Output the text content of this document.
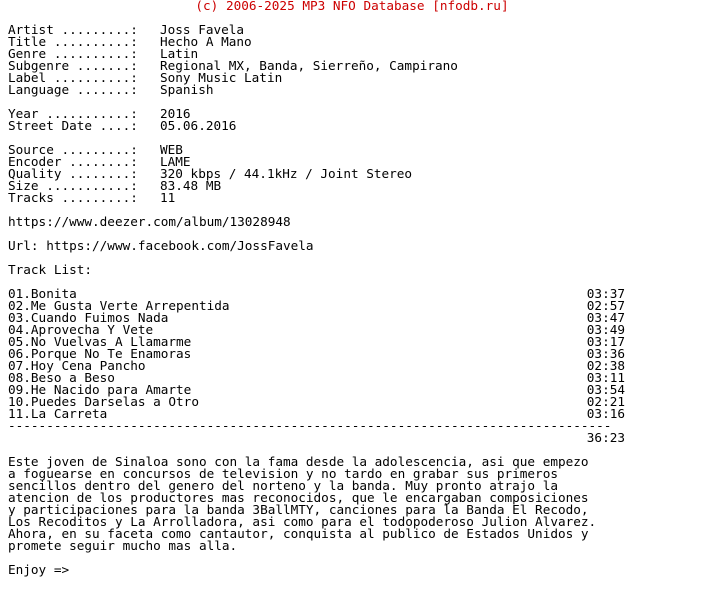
(c) 2006-2025 MP3 NFO Database [nfodb.ru]
Artist .........: Joss Favela
Title ..........: Hecho A Mano
Genre ..........: Latin
Subgenre .......: Regional MX, Banda, Sierreño, Campirano
Label ..........: Sony Music Latin
Language .......: Spanish
Year ...........: 2016
Street Date ....: 05.06.2016
Source .........: WEB
Encoder ........: LAME
Quality ........: 320 kbps / 44.1kHz / Joint Stereo
Size ...........: 83.48 MB
Tracks .........: 11
https://www.deezer.com/album/13028948
Url: https://www.facebook.com/JossFavela
Track List:
01.Bonita	03:37
02.Me Gusta Verte Arrepentida	02:57
03.Cuando Fuimos Nada	03:47
04.Aprovecha Y Vete	03:49
05.No Vuelvas A Llamarme	03:17
06.Porque No Te Enamoras	03:36
07.Hoy Cena Pancho	02:38
08.Beso a Beso	03:11
09.He Nacido para Amarte	03:54
10.Puedes Darselas a Otro	02:21
11.La Carreta	03:16
-------------------------------------------------------------------------------
36:23
Este joven de Sinaloa sono con la fama desde la adolescencia, asi que empezo
a foguearse en concursos de television y no tardo en grabar sus primeros
sencillos dentro del genero del norteno y la banda. Muy pronto atrajo la
atencion de los productores mas reconocidos, que le encargaban composiciones
y participaciones para la banda 3BallMTY, canciones para la Banda El Recodo,
Los Recoditos y La Arrolladora, asi como para el todopoderoso Julion Alvarez.
Ahora, en su faceta como cantautor, conquista al publico de Estados Unidos y
promete seguir mucho mas alla.
Enjoy =>
